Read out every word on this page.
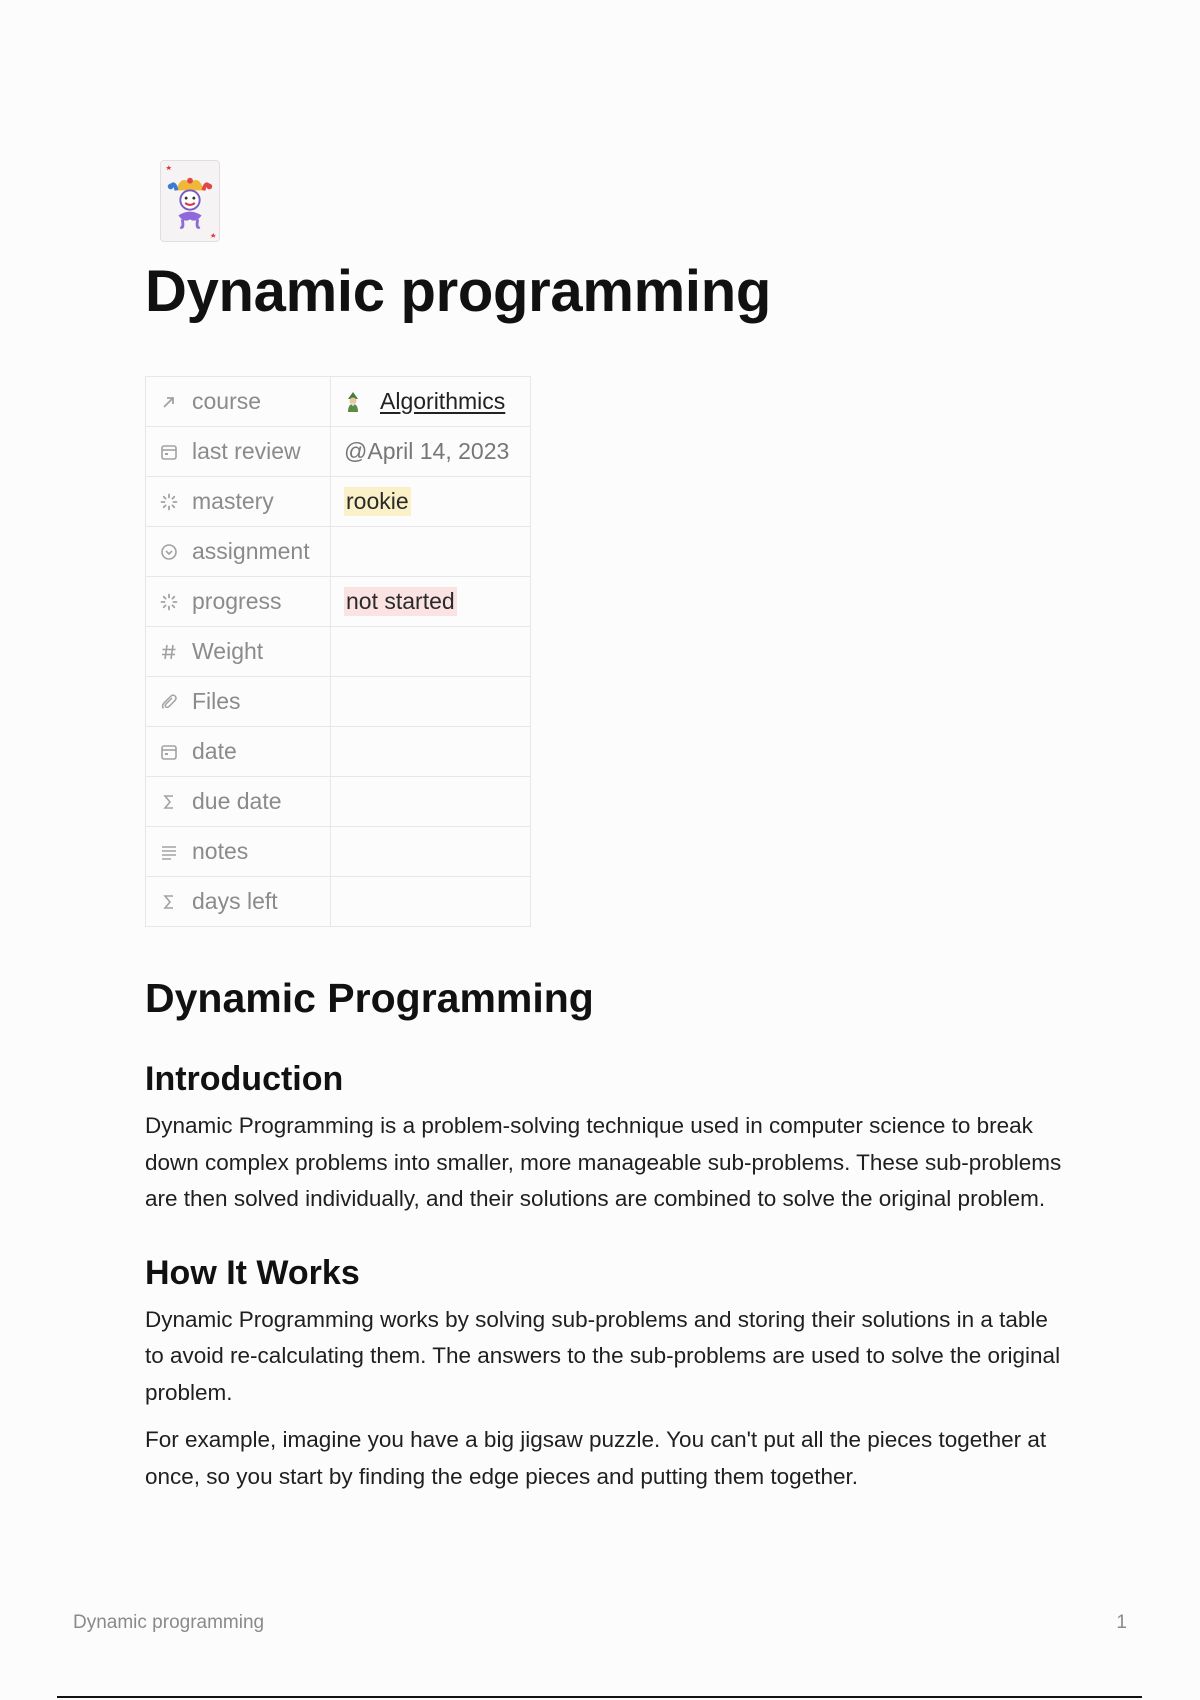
Dynamic programming
course	Algorithmics

last review	@April 14, 2023

mastery	rookie

assignment	

progress	not started

Weight	

Files	

date	

due date	

notes	

days left	

Dynamic Programming
Introduction

Dynamic Programming is a problem-solving technique used in computer science to break down complex problems into smaller, more manageable sub-problems. These sub-problems are then solved individually, and their solutions are combined to solve the original problem.

How It Works

Dynamic Programming works by solving sub-problems and storing their solutions in a table to avoid re-calculating them. The answers to the sub-problems are used to solve the original problem.

For example, imagine you have a big jigsaw puzzle. You can't put all the pieces together at once, so you start by finding the edge pieces and putting them together.

Dynamic programming	1
